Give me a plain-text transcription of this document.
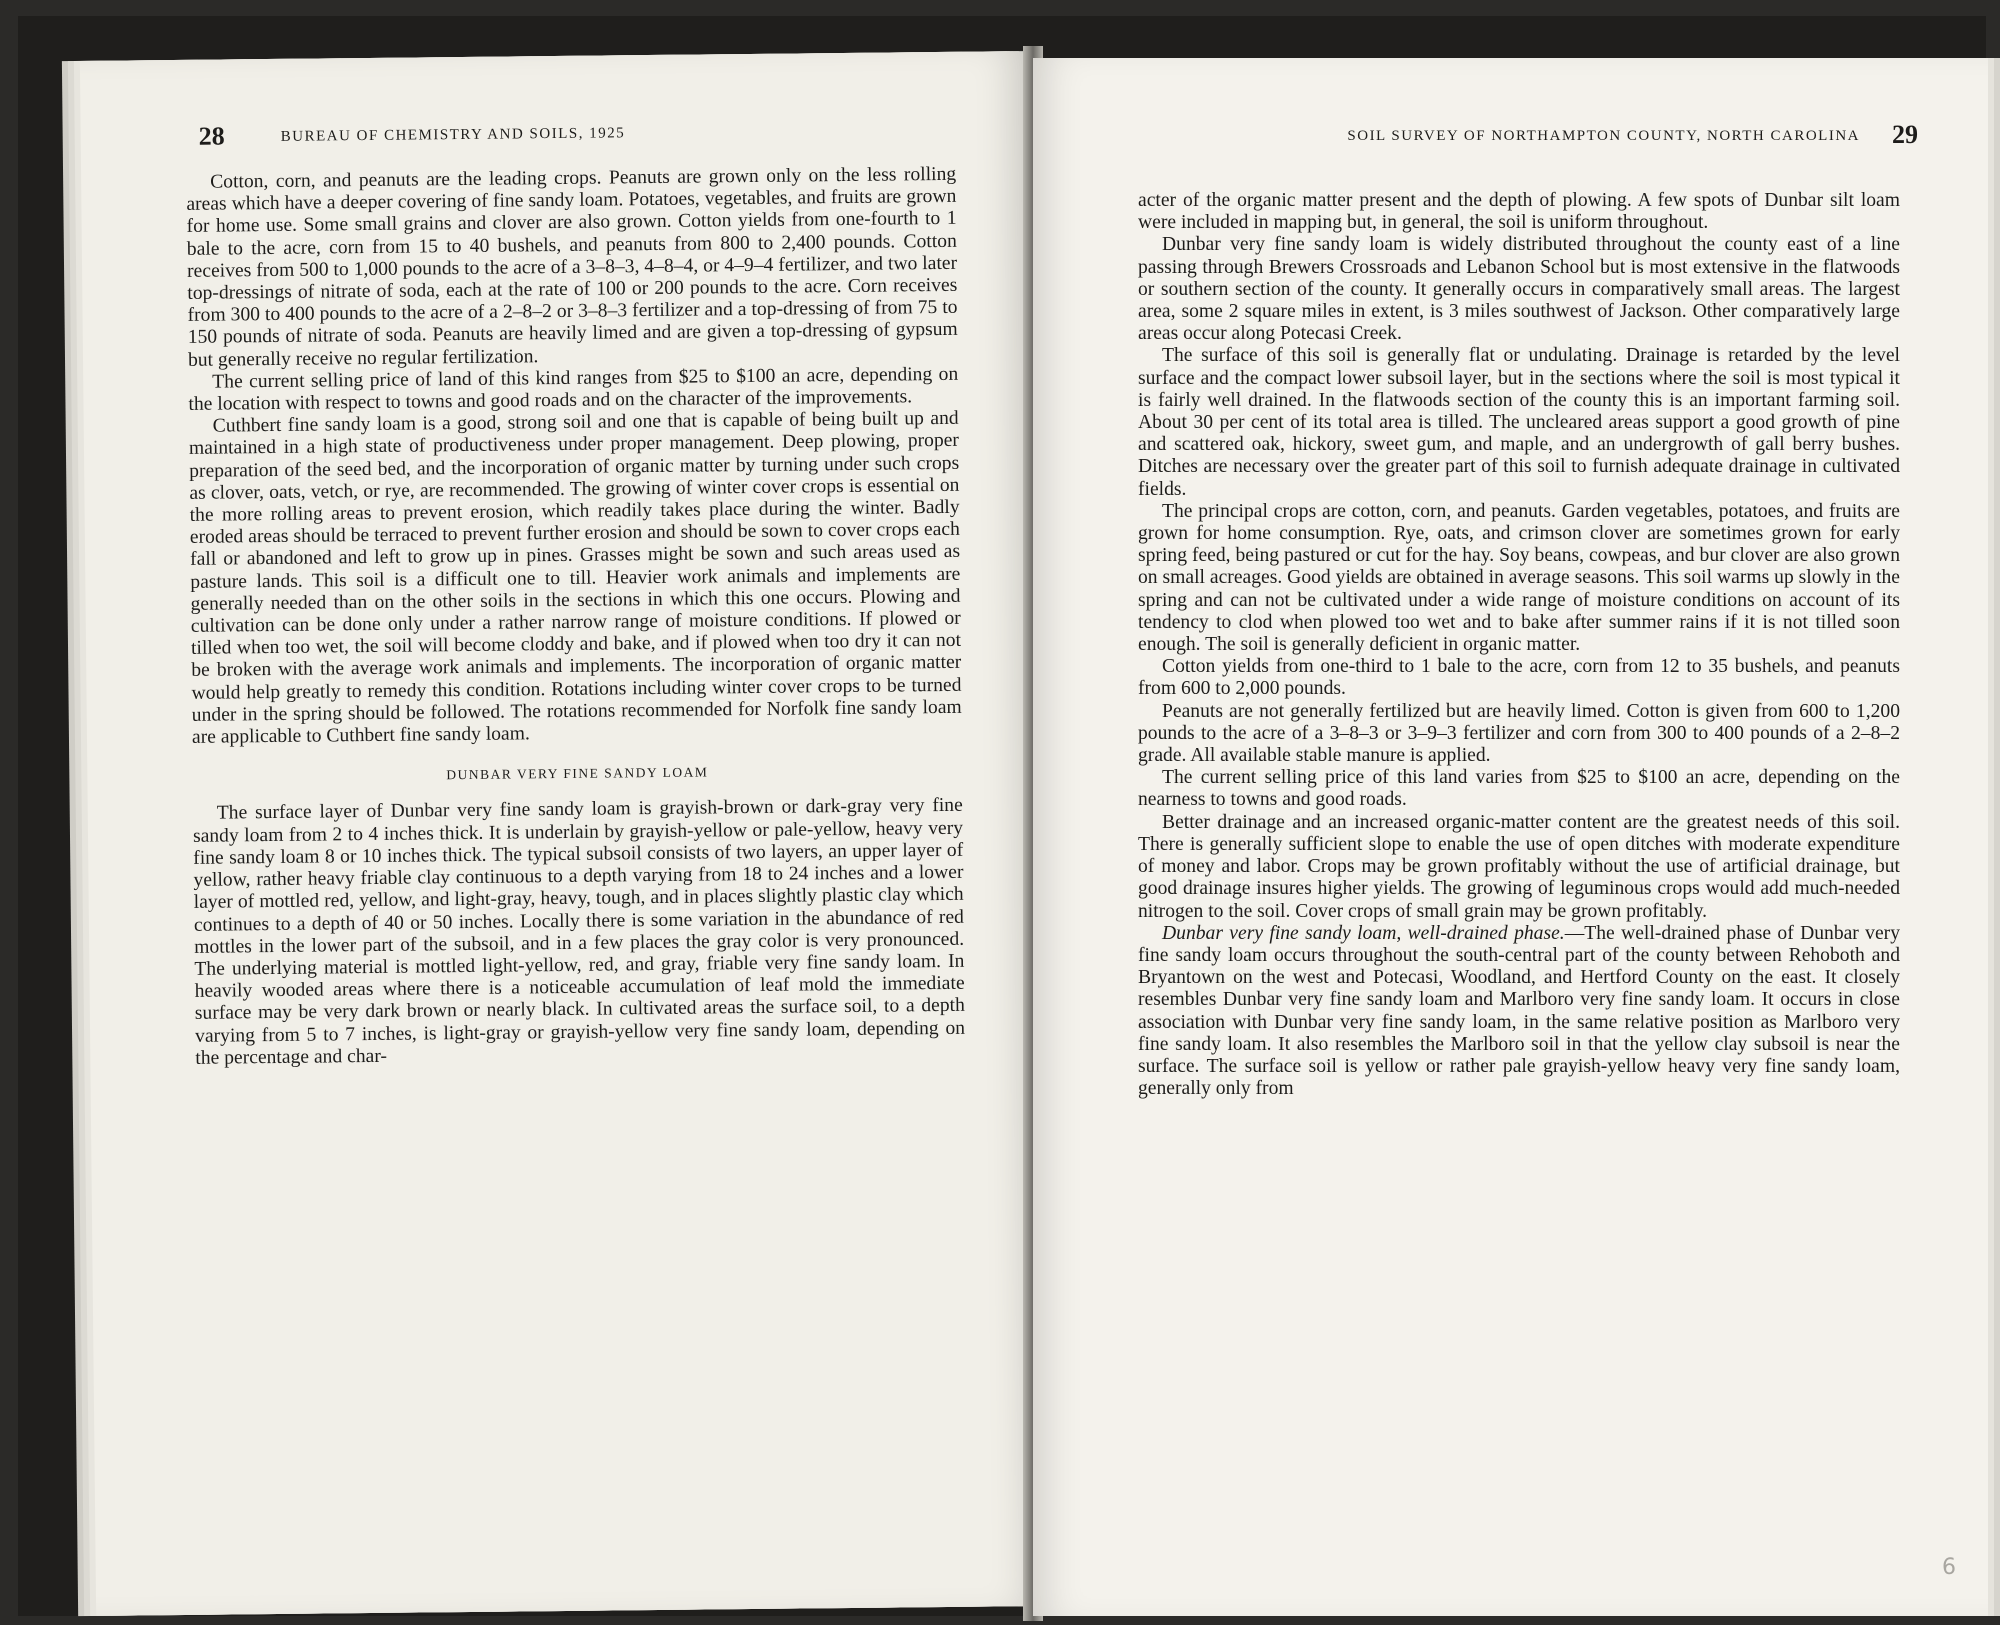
28	BUREAU OF CHEMISTRY AND SOILS, 1925

Cotton, corn, and peanuts are the leading crops. Peanuts are grown only on the less rolling areas which have a deeper covering of fine sandy loam. Potatoes, vegetables, and fruits are grown for home use. Some small grains and clover are also grown. Cotton yields from one-fourth to 1 bale to the acre, corn from 15 to 40 bushels, and peanuts from 800 to 2,400 pounds. Cotton receives from 500 to 1,000 pounds to the acre of a 3–8–3, 4–8–4, or 4–9–4 fertilizer, and two later top-dressings of nitrate of soda, each at the rate of 100 or 200 pounds to the acre. Corn receives from 300 to 400 pounds to the acre of a 2–8–2 or 3–8–3 fertilizer and a top-dressing of from 75 to 150 pounds of nitrate of soda. Peanuts are heavily limed and are given a top-dressing of gypsum but generally receive no regular fertilization.

The current selling price of land of this kind ranges from $25 to $100 an acre, depending on the location with respect to towns and good roads and on the character of the improvements.

Cuthbert fine sandy loam is a good, strong soil and one that is capable of being built up and maintained in a high state of productiveness under proper management. Deep plowing, proper preparation of the seed bed, and the incorporation of organic matter by turning under such crops as clover, oats, vetch, or rye, are recommended. The growing of winter cover crops is essential on the more rolling areas to prevent erosion, which readily takes place during the winter. Badly eroded areas should be terraced to prevent further erosion and should be sown to cover crops each fall or abandoned and left to grow up in pines. Grasses might be sown and such areas used as pasture lands. This soil is a difficult one to till. Heavier work animals and implements are generally needed than on the other soils in the sections in which this one occurs. Plowing and cultivation can be done only under a rather narrow range of moisture conditions. If plowed or tilled when too wet, the soil will become cloddy and bake, and if plowed when too dry it can not be broken with the average work animals and implements. The incorporation of organic matter would help greatly to remedy this condition. Rotations including winter cover crops to be turned under in the spring should be followed. The rotations recommended for Norfolk fine sandy loam are applicable to Cuthbert fine sandy loam.

DUNBAR VERY FINE SANDY LOAM

The surface layer of Dunbar very fine sandy loam is grayish-brown or dark-gray very fine sandy loam from 2 to 4 inches thick. It is underlain by grayish-yellow or pale-yellow, heavy very fine sandy loam 8 or 10 inches thick. The typical subsoil consists of two layers, an upper layer of yellow, rather heavy friable clay continuous to a depth varying from 18 to 24 inches and a lower layer of mottled red, yellow, and light-gray, heavy, tough, and in places slightly plastic clay which continues to a depth of 40 or 50 inches. Locally there is some variation in the abundance of red mottles in the lower part of the subsoil, and in a few places the gray color is very pronounced. The underlying material is mottled light-yellow, red, and gray, friable very fine sandy loam. In heavily wooded areas where there is a noticeable accumulation of leaf mold the immediate surface may be very dark brown or nearly black. In cultivated areas the surface soil, to a depth varying from 5 to 7 inches, is light-gray or grayish-yellow very fine sandy loam, depending on the percentage and char-

SOIL SURVEY OF NORTHAMPTON COUNTY, NORTH CAROLINA 29

acter of the organic matter present and the depth of plowing. A few spots of Dunbar silt loam were included in mapping but, in general, the soil is uniform throughout.

Dunbar very fine sandy loam is widely distributed throughout the county east of a line passing through Brewers Crossroads and Lebanon School but is most extensive in the flatwoods or southern section of the county. It generally occurs in comparatively small areas. The largest area, some 2 square miles in extent, is 3 miles southwest of Jackson. Other comparatively large areas occur along Potecasi Creek.

The surface of this soil is generally flat or undulating. Drainage is retarded by the level surface and the compact lower subsoil layer, but in the sections where the soil is most typical it is fairly well drained. In the flatwoods section of the county this is an important farming soil. About 30 per cent of its total area is tilled. The uncleared areas support a good growth of pine and scattered oak, hickory, sweet gum, and maple, and an undergrowth of gall berry bushes. Ditches are necessary over the greater part of this soil to furnish adequate drainage in cultivated fields.

The principal crops are cotton, corn, and peanuts. Garden vegetables, potatoes, and fruits are grown for home consumption. Rye, oats, and crimson clover are sometimes grown for early spring feed, being pastured or cut for the hay. Soy beans, cowpeas, and bur clover are also grown on small acreages. Good yields are obtained in average seasons. This soil warms up slowly in the spring and can not be cultivated under a wide range of moisture conditions on account of its tendency to clod when plowed too wet and to bake after summer rains if it is not tilled soon enough. The soil is generally deficient in organic matter.

Cotton yields from one-third to 1 bale to the acre, corn from 12 to 35 bushels, and peanuts from 600 to 2,000 pounds.

Peanuts are not generally fertilized but are heavily limed. Cotton is given from 600 to 1,200 pounds to the acre of a 3–8–3 or 3–9–3 fertilizer and corn from 300 to 400 pounds of a 2–8–2 grade. All available stable manure is applied.

The current selling price of this land varies from $25 to $100 an acre, depending on the nearness to towns and good roads.

Better drainage and an increased organic-matter content are the greatest needs of this soil. There is generally sufficient slope to enable the use of open ditches with moderate expenditure of money and labor. Crops may be grown profitably without the use of artificial drainage, but good drainage insures higher yields. The growing of leguminous crops would add much-needed nitrogen to the soil. Cover crops of small grain may be grown profitably.

Dunbar very fine sandy loam, well-drained phase.—The well-drained phase of Dunbar very fine sandy loam occurs throughout the south-central part of the county between Rehoboth and Bryantown on the west and Potecasi, Woodland, and Hertford County on the east. It closely resembles Dunbar very fine sandy loam and Marlboro very fine sandy loam. It occurs in close association with Dunbar very fine sandy loam, in the same relative position as Marlboro very fine sandy loam. It also resembles the Marlboro soil in that the yellow clay subsoil is near the surface. The surface soil is yellow or rather pale grayish-yellow heavy very fine sandy loam, generally only from

6
